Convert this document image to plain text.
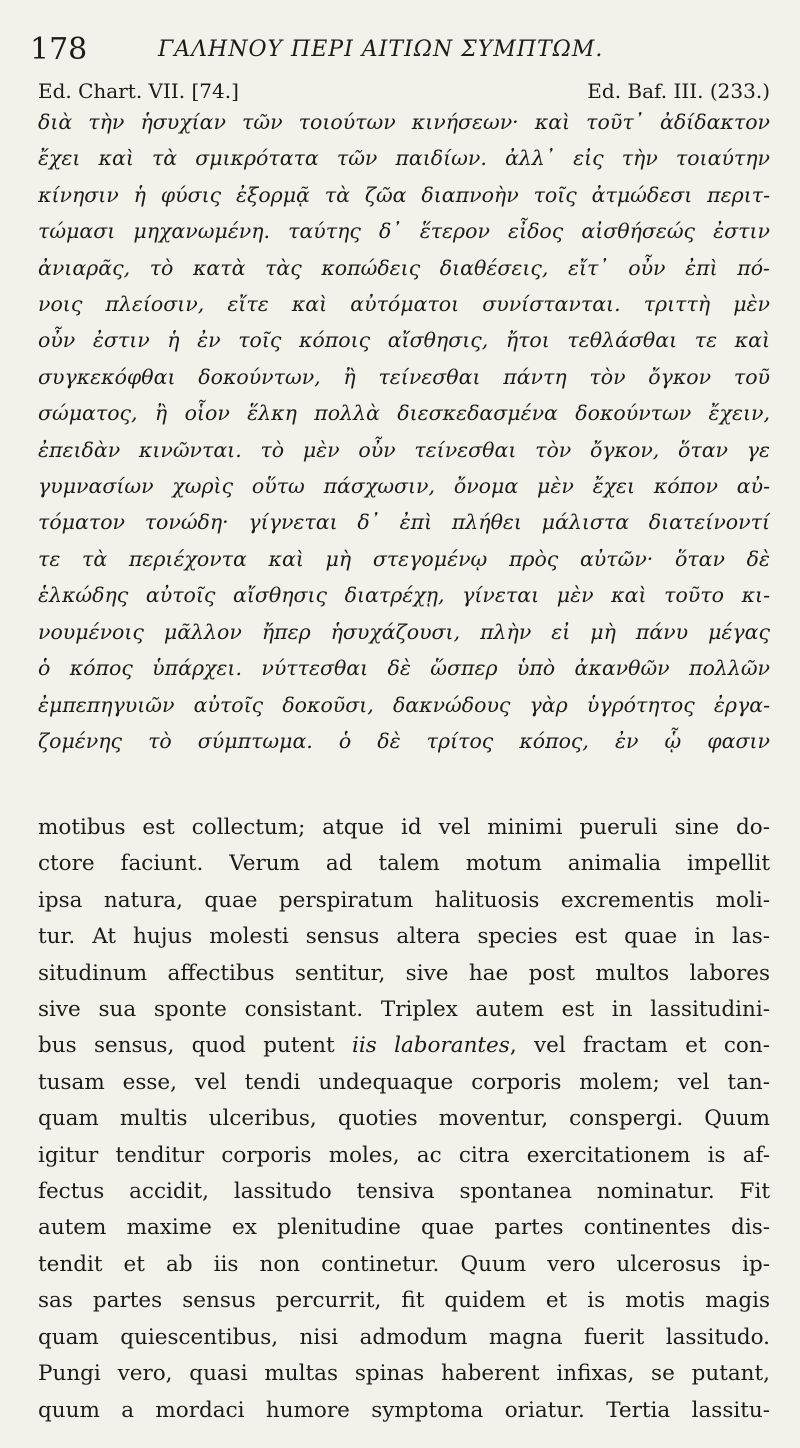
178	ΓΑΛΗΝΟΥ ΠΕΡΙ ΑΙΤΙΩΝ ΣΥΜΠΤΩΜ.
Ed. Chart. VII. [74.]	Ed. Baf. III. (233.)
διὰ τὴν ἡσυχίαν τῶν τοιούτων κινήσεων· καὶ τοῦτ᾽ ἀδίδακτον
ἔχει καὶ τὰ σμικρότατα τῶν παιδίων. ἀλλ᾽ εἰς τὴν τοιαύτην
κίνησιν ἡ φύσις ἐξορμᾷ τὰ ζῶα διαπνοὴν τοῖς ἀτμώδεσι περιτ-
τώμασι μηχανωμένη. ταύτης δ᾽ ἕτερον εἶδος αἰσθήσεώς ἐστιν
ἀνιαρᾶς, τὸ κατὰ τὰς κοπώδεις διαθέσεις, εἴτ᾽ οὖν ἐπὶ πό-
νοις πλείοσιν, εἴτε καὶ αὐτόματοι συνίστανται. τριττὴ μὲν
οὖν ἐστιν ἡ ἐν τοῖς κόποις αἴσθησις, ἤτοι τεθλάσθαι τε καὶ
συγκεκόφθαι δοκούντων, ἢ τείνεσθαι πάντη τὸν ὄγκον τοῦ
σώματος, ἢ οἷον ἕλκη πολλὰ διεσκεδασμένα δοκούντων ἔχειν,
ἐπειδὰν κινῶνται. τὸ μὲν οὖν τείνεσθαι τὸν ὄγκον, ὅταν γε
γυμνασίων χωρὶς οὕτω πάσχωσιν, ὄνομα μὲν ἔχει κόπον αὐ-
τόματον τονώδη· γίγνεται δ᾽ ἐπὶ πλήθει μάλιστα διατείνοντί
τε τὰ περιέχοντα καὶ μὴ στεγομένῳ πρὸς αὐτῶν· ὅταν δὲ
ἑλκώδης αὐτοῖς αἴσθησις διατρέχῃ, γίνεται μὲν καὶ τοῦτο κι-
νουμένοις μᾶλλον ἤπερ ἡσυχάζουσι, πλὴν εἰ μὴ πάνυ μέγας
ὁ κόπος ὑπάρχει. νύττεσθαι δὲ ὥσπερ ὑπὸ ἀκανθῶν πολλῶν
ἐμπεπηγυιῶν αὐτοῖς δοκοῦσι, δακνώδους γὰρ ὑγρότητος ἐργα-
ζομένης τὸ σύμπτωμα. ὁ δὲ τρίτος κόπος, ἐν ᾧ φασιν
motibus est collectum; atque id vel minimi pueruli sine do-
ctore faciunt. Verum ad talem motum animalia impellit
ipsa natura, quae perspiratum halituosis excrementis moli-
tur. At hujus molesti sensus altera species est quae in las-
situdinum affectibus sentitur, sive hae post multos labores
sive sua sponte consistant. Triplex autem est in lassitudini-
bus sensus, quod putent iis laborantes, vel fractam et con-
tusam esse, vel tendi undequaque corporis molem; vel tan-
quam multis ulceribus, quoties moventur, conspergi. Quum
igitur tenditur corporis moles, ac citra exercitationem is af-
fectus accidit, lassitudo tensiva spontanea nominatur. Fit
autem maxime ex plenitudine quae partes continentes dis-
tendit et ab iis non continetur. Quum vero ulcerosus ip-
sas partes sensus percurrit, fit quidem et is motis magis
quam quiescentibus, nisi admodum magna fuerit lassitudo.
Pungi vero, quasi multas spinas haberent infixas, se putant,
quum a mordaci humore symptoma oriatur. Tertia lassitu-
